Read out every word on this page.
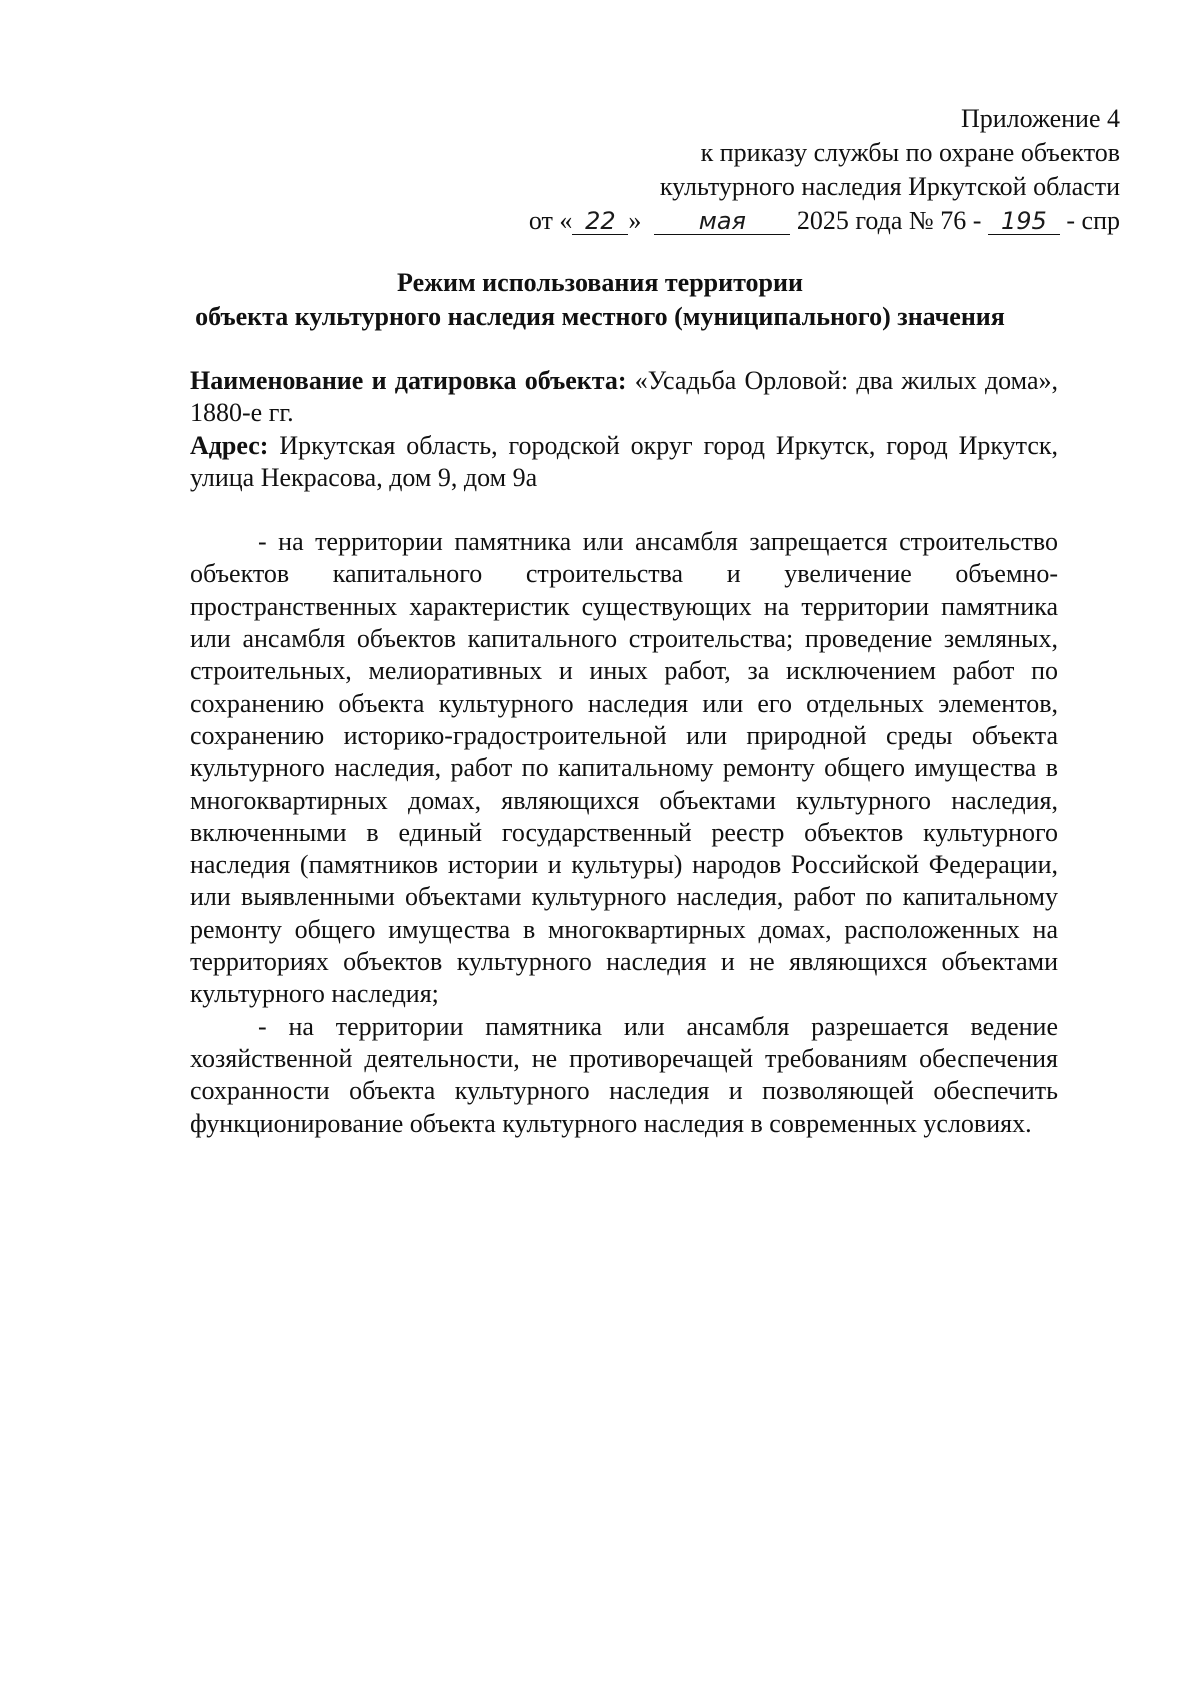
Приложение 4
к приказу службы по охране объектов
культурного наследия Иркутской области
от « 22 » мая 2025 года № 76 - 195 - спр
Режим использования территории
объекта культурного наследия местного (муниципального) значения

Наименование и датировка объекта: «Усадьба Орловой: два жилых дома», 1880-е гг.

Адрес: Иркутская область, городской округ город Иркутск, город Иркутск, улица Некрасова, дом 9, дом 9а

- на территории памятника или ансамбля запрещается строительство объектов капитального строительства и увеличение объемно-пространственных характеристик существующих на территории памятника или ансамбля объектов капитального строительства; проведение земляных, строительных, мелиоративных и иных работ, за исключением работ по сохранению объекта культурного наследия или его отдельных элементов, сохранению историко-градостроительной или природной среды объекта культурного наследия, работ по капитальному ремонту общего имущества в многоквартирных домах, являющихся объектами культурного наследия, включенными в единый государственный реестр объектов культурного наследия (памятников истории и культуры) народов Российской Федерации, или выявленными объектами культурного наследия, работ по капитальному ремонту общего имущества в многоквартирных домах, расположенных на территориях объектов культурного наследия и не являющихся объектами культурного наследия;

- на территории памятника или ансамбля разрешается ведение хозяйственной деятельности, не противоречащей требованиям обеспечения сохранности объекта культурного наследия и позволяющей обеспечить функционирование объекта культурного наследия в современных условиях.
